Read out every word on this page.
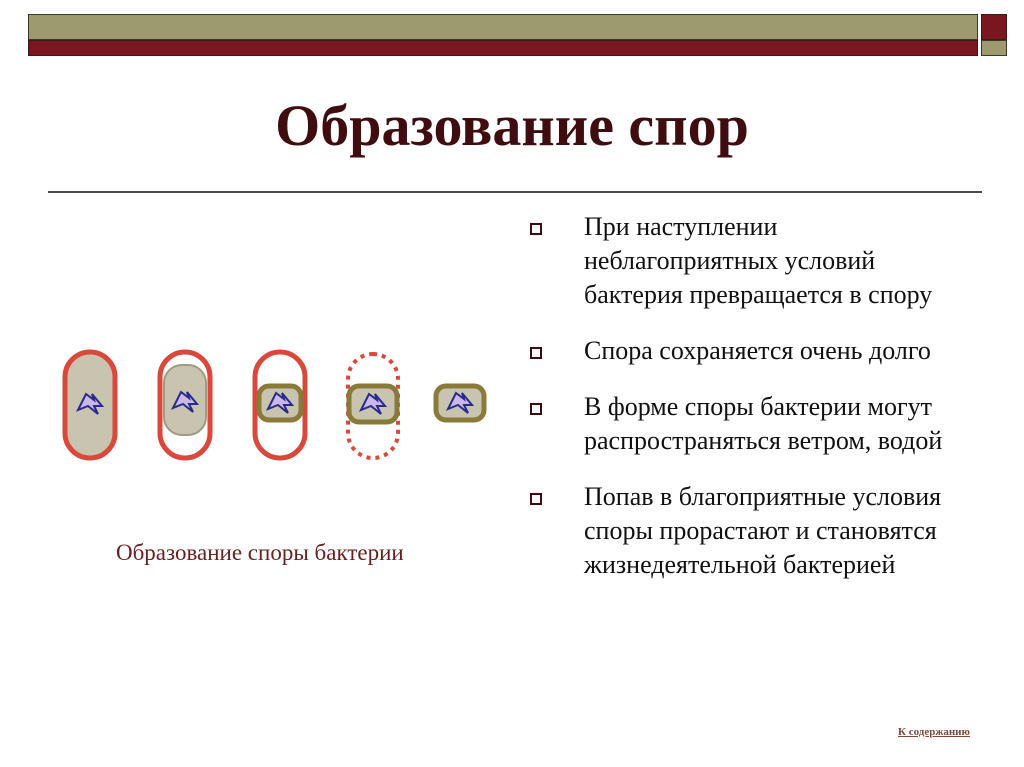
Образование спор
Образование споры бактерии
При наступлении неблагоприятных условий бактерия превращается в спору
Спора сохраняется очень долго
В форме споры бактерии могут распространяться ветром, водой
Попав в благоприятные условия споры прорастают и становятся жизнедеятельной бактерией
К содержанию
